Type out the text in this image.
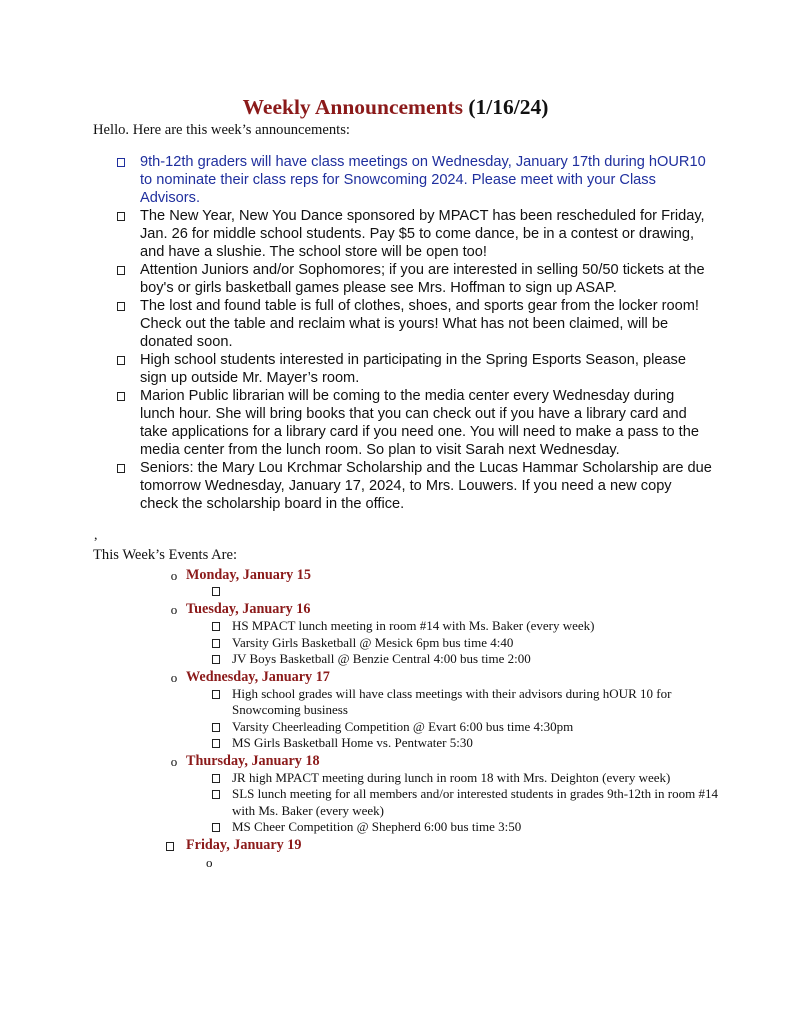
Weekly Announcements (1/16/24)
Hello. Here are this week’s announcements:
9th-12th graders will have class meetings on Wednesday, January 17th during hOUR10 to nominate their class reps for Snowcoming 2024. Please meet with your Class Advisors.
The New Year, New You Dance sponsored by MPACT has been rescheduled for Friday, Jan. 26 for middle school students. Pay $5 to come dance, be in a contest or drawing, and have a slushie. The school store will be open too!
Attention Juniors and/or Sophomores; if you are interested in selling 50/50 tickets at the boy's or girls basketball games please see Mrs. Hoffman to sign up ASAP.
The lost and found table is full of clothes, shoes, and sports gear from the locker room! Check out the table and reclaim what is yours! What has not been claimed, will be donated soon.
High school students interested in participating in the Spring Esports Season, please sign up outside Mr. Mayer’s room.
Marion Public librarian will be coming to the media center every Wednesday during lunch hour. She will bring books that you can check out if you have a library card and take applications for a library card if you need one. You will need to make a pass to the media center from the lunch room. So plan to visit Sarah next Wednesday.
Seniors: the Mary Lou Krchmar Scholarship and the Lucas Hammar Scholarship are due tomorrow Wednesday, January 17, 2024, to Mrs. Louwers. If you need a new copy check the scholarship board in the office.
,
This Week’s Events Are:
o Monday, January 15
o Tuesday, January 16
HS MPACT lunch meeting in room #14 with Ms. Baker (every week)
Varsity Girls Basketball @ Mesick 6pm bus time 4:40
JV Boys Basketball @ Benzie Central 4:00 bus time 2:00
o Wednesday, January 17
High school grades will have class meetings with their advisors during hOUR 10 for Snowcoming business
Varsity Cheerleading Competition @ Evart 6:00 bus time 4:30pm
MS Girls Basketball Home vs. Pentwater 5:30
o Thursday, January 18
JR high MPACT meeting during lunch in room 18 with Mrs. Deighton (every week)
SLS lunch meeting for all members and/or interested students in grades 9th-12th in room #14 with Ms. Baker (every week)
MS Cheer Competition @ Shepherd 6:00 bus time 3:50
Friday, January 19
o
